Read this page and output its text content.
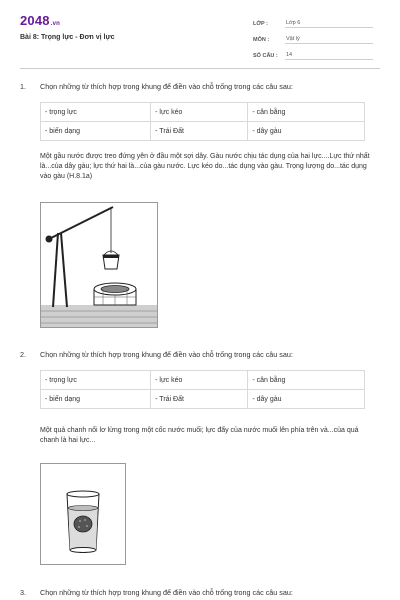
2048.vn
Bài 8: Trọng lực - Đơn vị lực
LỚP :	Lớp 6
MÔN :	Vật lý
SỐ CÂU :	14
1. Chọn những từ thích hợp trong khung để điền vào chỗ trống trong các câu sau:
- trọng lực	- lực kéo	- cân bằng
- biến dạng	- Trái Đất	- dây gàu
Một gầu nước được treo đứng yên ở đầu một sợi dây. Gàu nước chịu tác dụng của hai lực....Lực thứ nhất là...của dây gàu; lực thứ hai là...của gàu nước. Lực kéo do...tác dụng vào gàu. Trọng lượng do...tác dụng vào gàu (H.8.1a)
2. Chọn những từ thích hợp trong khung để điền vào chỗ trống trong các câu sau:
- trọng lực	- lực kéo	- cân bằng
- biến dạng	- Trái Đất	- dây gàu
Một quả chanh nổi lơ lửng trong một cốc nước muối; lực đẩy của nước muối lên phía trên và...của quả chanh là hai lực...
3. Chọn những từ thích hợp trong khung để điền vào chỗ trống trong các câu sau:
